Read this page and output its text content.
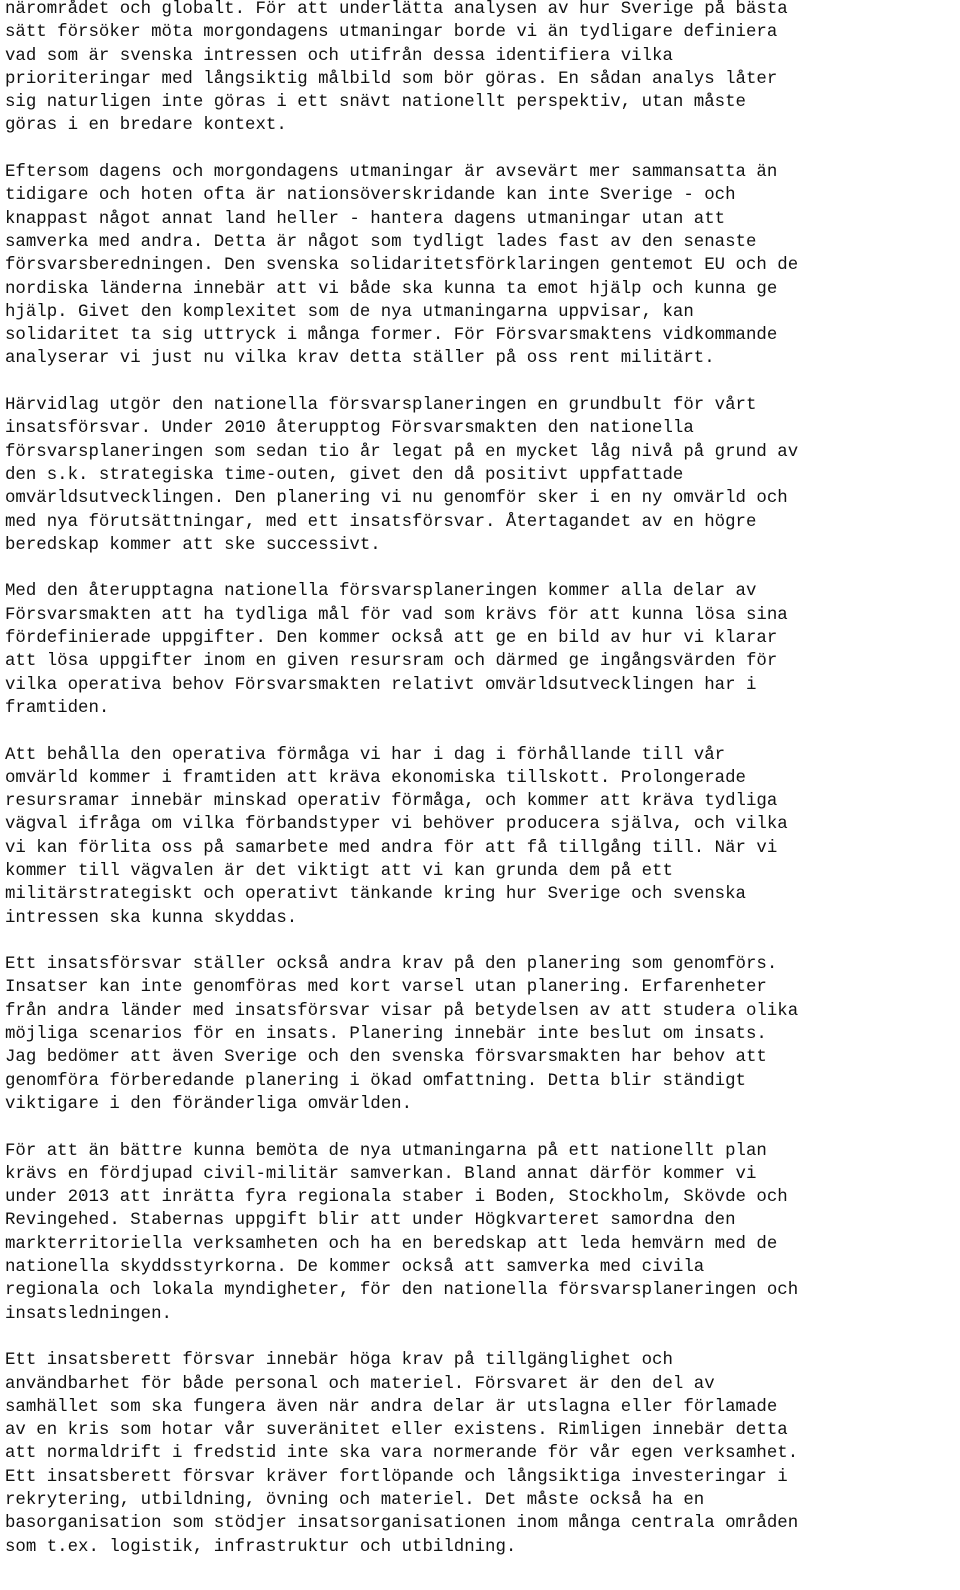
närområdet och globalt. För att underlätta analysen av hur Sverige på bästa
sätt försöker möta morgondagens utmaningar borde vi än tydligare definiera
vad som är svenska intressen och utifrån dessa identifiera vilka
prioriteringar med långsiktig målbild som bör göras. En sådan analys låter
sig naturligen inte göras i ett snävt nationellt perspektiv, utan måste
göras i en bredare kontext.
Eftersom dagens och morgondagens utmaningar är avsevärt mer sammansatta än
tidigare och hoten ofta är nationsöverskridande kan inte Sverige - och
knappast något annat land heller - hantera dagens utmaningar utan att
samverka med andra. Detta är något som tydligt lades fast av den senaste
försvarsberedningen. Den svenska solidaritetsförklaringen gentemot EU och de
nordiska länderna innebär att vi både ska kunna ta emot hjälp och kunna ge
hjälp. Givet den komplexitet som de nya utmaningarna uppvisar, kan
solidaritet ta sig uttryck i många former. För Försvarsmaktens vidkommande
analyserar vi just nu vilka krav detta ställer på oss rent militärt.
Härvidlag utgör den nationella försvarsplaneringen en grundbult för vårt
insatsförsvar. Under 2010 återupptog Försvarsmakten den nationella
försvarsplaneringen som sedan tio år legat på en mycket låg nivå på grund av
den s.k. strategiska time-outen, givet den då positivt uppfattade
omvärldsutvecklingen. Den planering vi nu genomför sker i en ny omvärld och
med nya förutsättningar, med ett insatsförsvar. Återtagandet av en högre
beredskap kommer att ske successivt.
Med den återupptagna nationella försvarsplaneringen kommer alla delar av
Försvarsmakten att ha tydliga mål för vad som krävs för att kunna lösa sina
fördefinierade uppgifter. Den kommer också att ge en bild av hur vi klarar
att lösa uppgifter inom en given resursram och därmed ge ingångsvärden för
vilka operativa behov Försvarsmakten relativt omvärldsutvecklingen har i
framtiden.
Att behålla den operativa förmåga vi har i dag i förhållande till vår
omvärld kommer i framtiden att kräva ekonomiska tillskott. Prolongerade
resursramar innebär minskad operativ förmåga, och kommer att kräva tydliga
vägval ifråga om vilka förbandstyper vi behöver producera själva, och vilka
vi kan förlita oss på samarbete med andra för att få tillgång till. När vi
kommer till vägvalen är det viktigt att vi kan grunda dem på ett
militärstrategiskt och operativt tänkande kring hur Sverige och svenska
intressen ska kunna skyddas.
Ett insatsförsvar ställer också andra krav på den planering som genomförs.
Insatser kan inte genomföras med kort varsel utan planering. Erfarenheter
från andra länder med insatsförsvar visar på betydelsen av att studera olika
möjliga scenarios för en insats. Planering innebär inte beslut om insats.
Jag bedömer att även Sverige och den svenska försvarsmakten har behov att
genomföra förberedande planering i ökad omfattning. Detta blir ständigt
viktigare i den föränderliga omvärlden.
För att än bättre kunna bemöta de nya utmaningarna på ett nationellt plan
krävs en fördjupad civil-militär samverkan. Bland annat därför kommer vi
under 2013 att inrätta fyra regionala staber i Boden, Stockholm, Skövde och
Revingehed. Stabernas uppgift blir att under Högkvarteret samordna den
markterritoriella verksamheten och ha en beredskap att leda hemvärn med de
nationella skyddsstyrkorna. De kommer också att samverka med civila
regionala och lokala myndigheter, för den nationella försvarsplaneringen och
insatsledningen.
Ett insatsberett försvar innebär höga krav på tillgänglighet och
användbarhet för både personal och materiel. Försvaret är den del av
samhället som ska fungera även när andra delar är utslagna eller förlamade
av en kris som hotar vår suveränitet eller existens. Rimligen innebär detta
att normaldrift i fredstid inte ska vara normerande för vår egen verksamhet.
Ett insatsberett försvar kräver fortlöpande och långsiktiga investeringar i
rekrytering, utbildning, övning och materiel. Det måste också ha en
basorganisation som stödjer insatsorganisationen inom många centrala områden
som t.ex. logistik, infrastruktur och utbildning.
